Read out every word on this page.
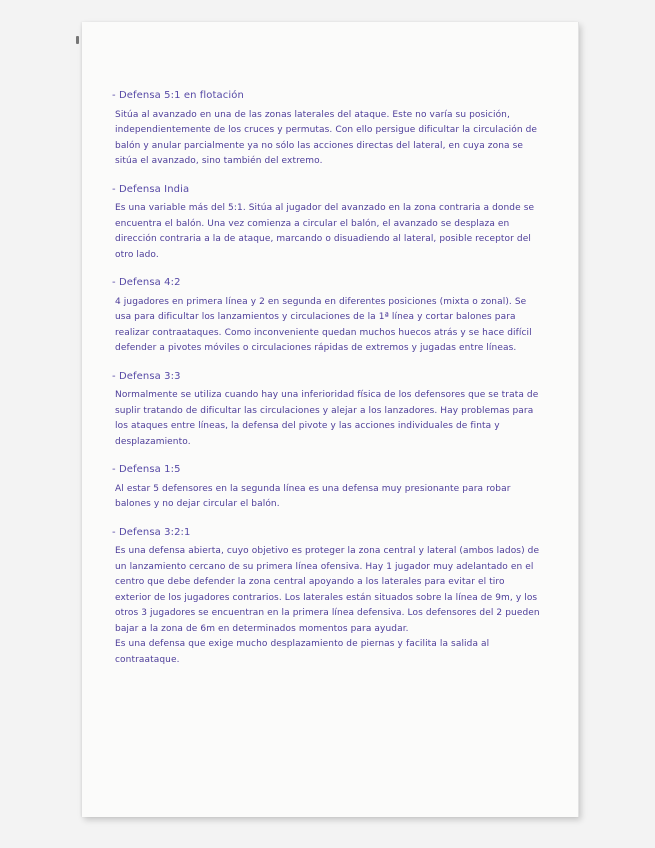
- Defensa 5:1 en flotación

Sitúa al avanzado en una de las zonas laterales del ataque. Este no varía su posición, independientemente de los cruces y permutas. Con ello persigue dificultar la circulación de balón y anular parcialmente ya no sólo las acciones directas del lateral, en cuya zona se sitúa el avanzado, sino también del extremo.

- Defensa India

Es una variable más del 5:1. Sitúa al jugador del avanzado en la zona contraria a donde se encuentra el balón. Una vez comienza a circular el balón, el avanzado se desplaza en dirección contraria a la de ataque, marcando o disuadiendo al lateral, posible receptor del otro lado.

- Defensa 4:2

4 jugadores en primera línea y 2 en segunda en diferentes posiciones (mixta o zonal). Se usa para dificultar los lanzamientos y circulaciones de la 1ª línea y cortar balones para realizar contraataques. Como inconveniente quedan muchos huecos atrás y se hace difícil defender a pivotes móviles o circulaciones rápidas de extremos y jugadas entre líneas.

- Defensa 3:3

Normalmente se utiliza cuando hay una inferioridad física de los defensores que se trata de suplir tratando de dificultar las circulaciones y alejar a los lanzadores. Hay problemas para los ataques entre líneas, la defensa del pivote y las acciones individuales de finta y desplazamiento.

- Defensa 1:5

Al estar 5 defensores en la segunda línea es una defensa muy presionante para robar balones y no dejar circular el balón.

- Defensa 3:2:1

Es una defensa abierta, cuyo objetivo es proteger la zona central y lateral (ambos lados) de un lanzamiento cercano de su primera línea ofensiva. Hay 1 jugador muy adelantado en el centro que debe defender la zona central apoyando a los laterales para evitar el tiro exterior de los jugadores contrarios. Los laterales están situados sobre la línea de 9m, y los otros 3 jugadores se encuentran en la primera línea defensiva. Los defensores del 2 pueden bajar a la zona de 6m en determinados momentos para ayudar.

Es una defensa que exige mucho desplazamiento de piernas y facilita la salida al contraataque.
